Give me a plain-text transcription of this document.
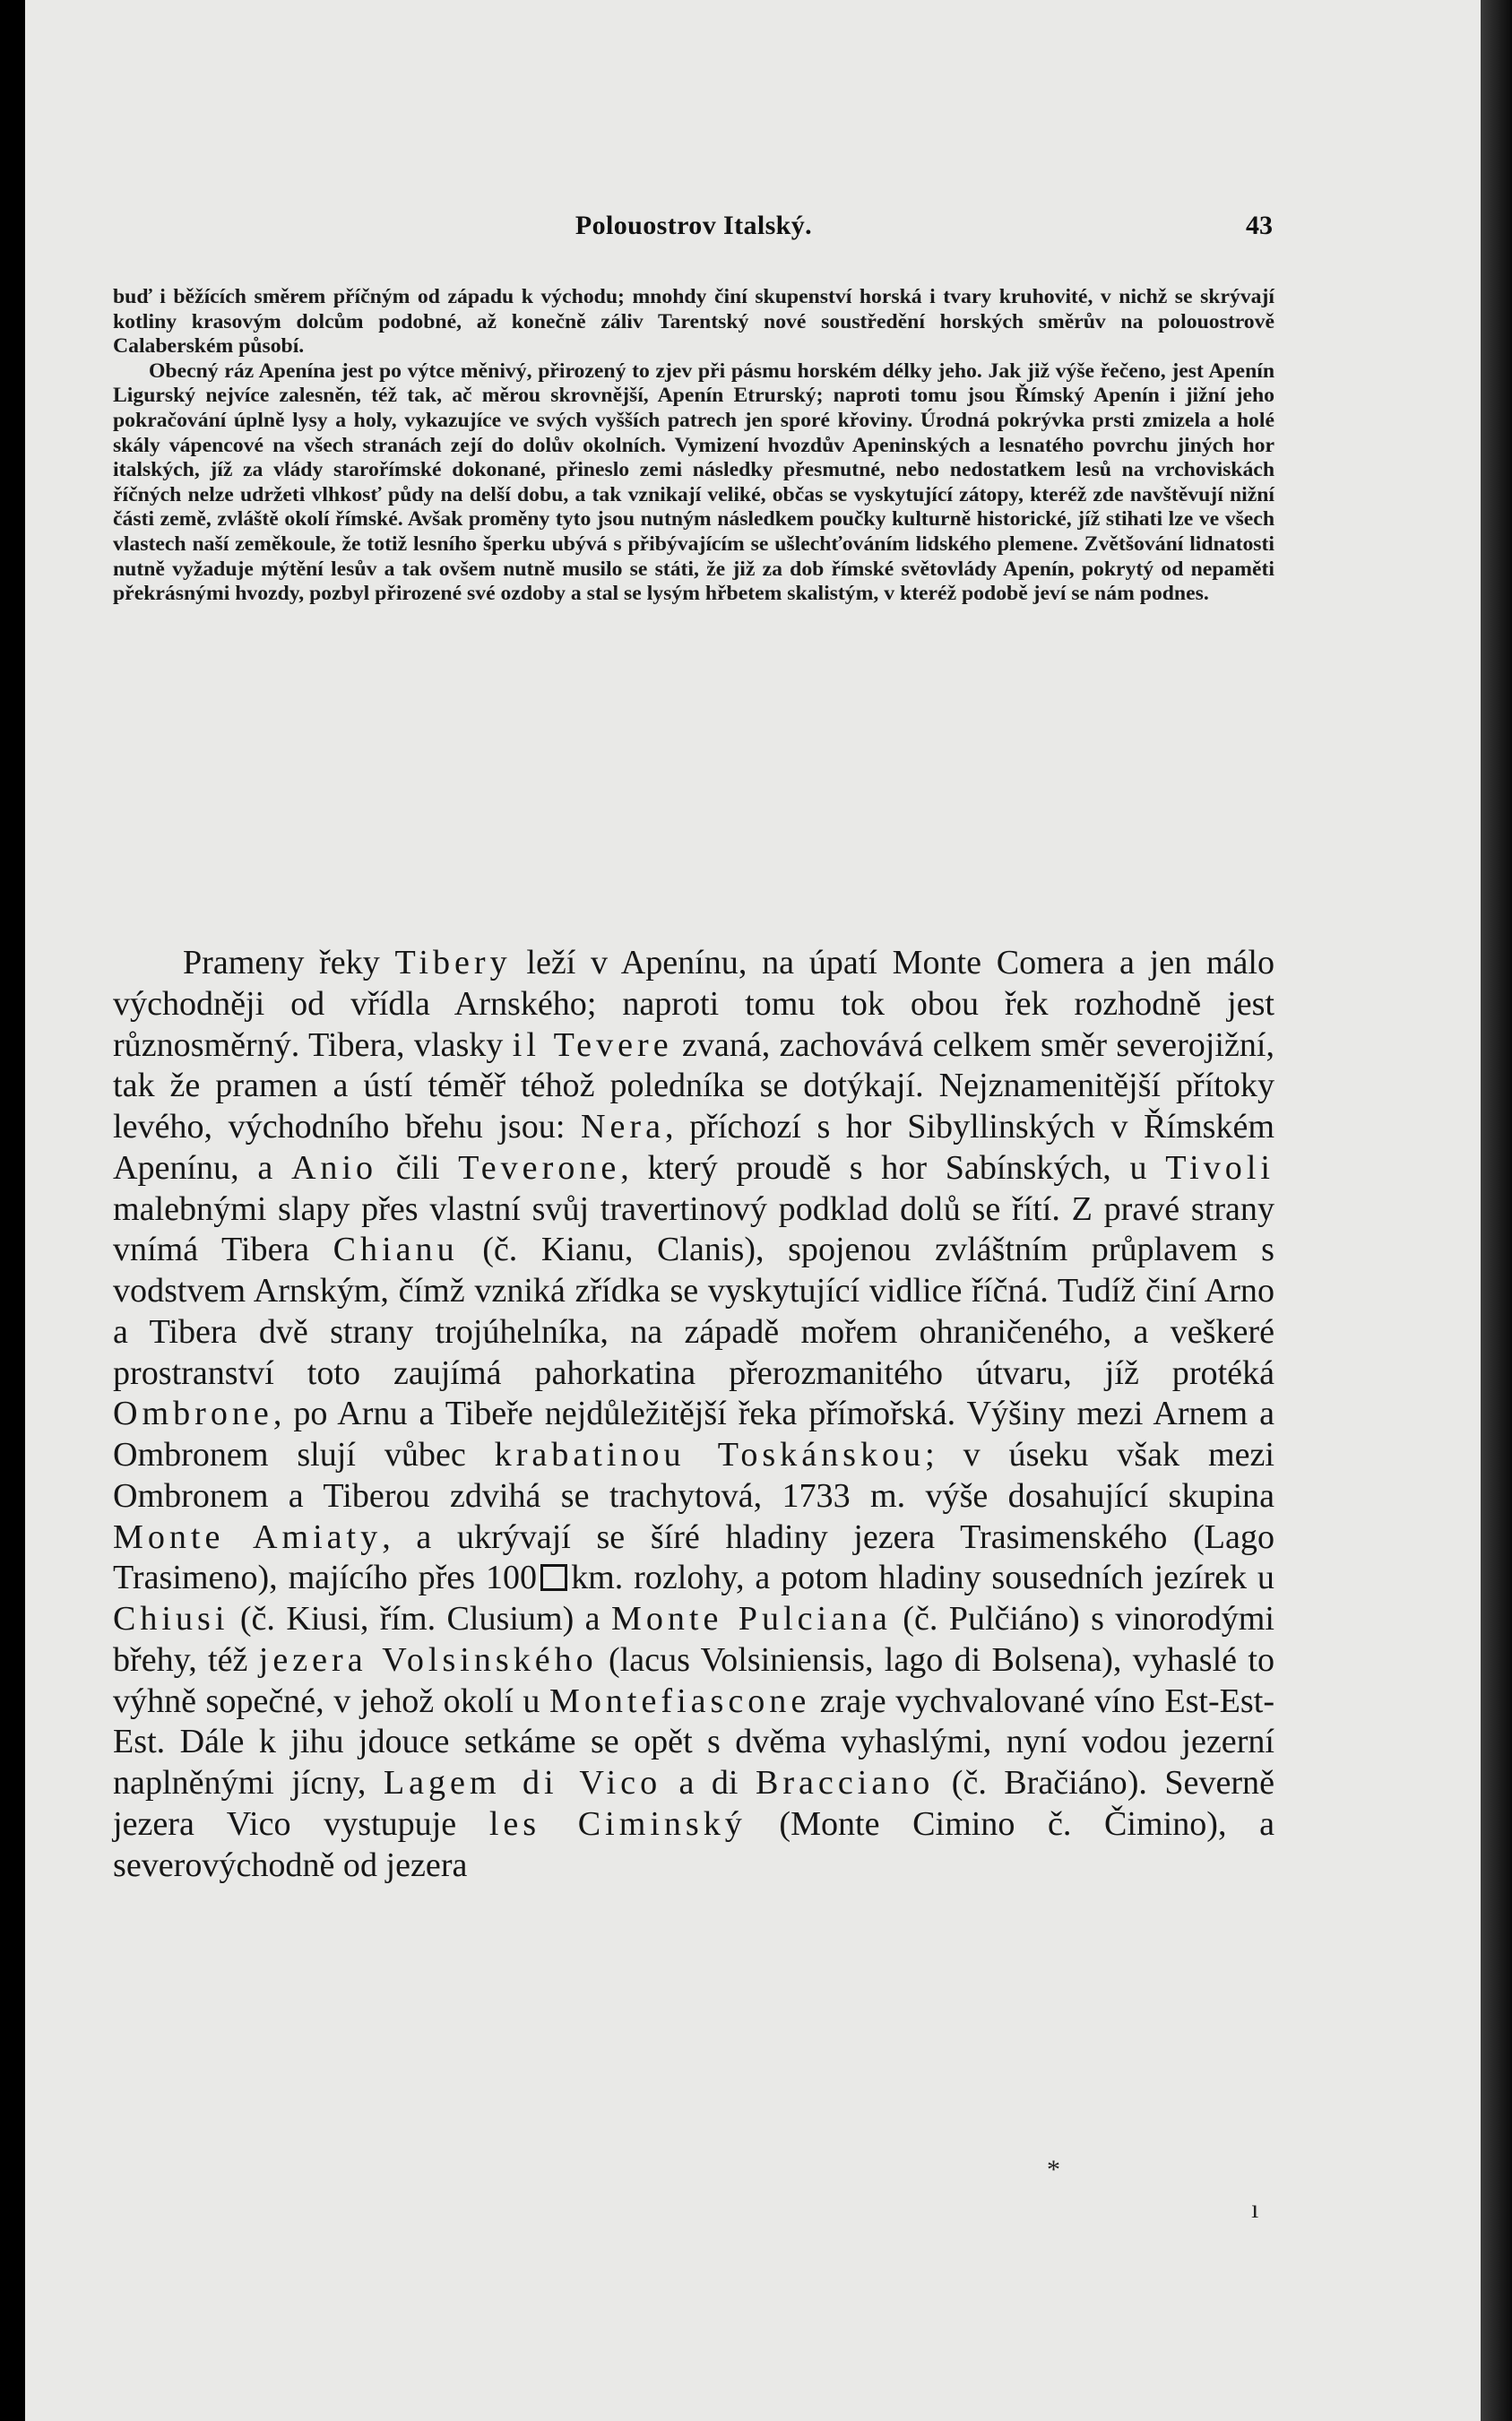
Polouostrov Italský.	43

buď i běžících směrem příčným od západu k východu; mnohdy činí skupenství horská i tvary kruhovité, v nichž se skrývají kotliny krasovým dolcům podobné, až konečně záliv Tarentský nové soustředění horských směrův na polouostrově Calaberském působí.

Obecný ráz Apenína jest po výtce měnivý, přirozený to zjev při pásmu horském délky jeho. Jak již výše řečeno, jest Apenín Ligurský nejvíce zalesněn, též tak, ač měrou skrovnější, Apenín Etrurský; naproti tomu jsou Římský Apenín i jižní jeho pokračování úplně lysy a holy, vykazujíce ve svých vyšších patrech jen sporé křoviny. Úrodná pokrývka prsti zmizela a holé skály vápencové na všech stranách zejí do dolův okolních. Vymizení hvozdův Apeninských a lesnatého povrchu jiných hor italských, jíž za vlády starořímské dokonané, přineslo zemi následky přesmutné, nebo nedostatkem lesů na vrchoviskách říčných nelze udržeti vlhkosť půdy na delší dobu, a tak vznikají veliké, občas se vyskytující zátopy, kteréž zde navštěvují nižní části země, zvláště okolí římské. Avšak proměny tyto jsou nutným následkem poučky kulturně historické, jíž stihati lze ve všech vlastech naší zeměkoule, že totiž lesního šperku ubývá s přibývajícím se ušlechťováním lidského plemene. Zvětšování lidnatosti nutně vyžaduje mýtění lesův a tak ovšem nutně musilo se státi, že již za dob římské světovlády Apenín, pokrytý od nepaměti překrásnými hvozdy, pozbyl přirozené své ozdoby a stal se lysým hřbetem skalistým, v kteréž podobě jeví se nám podnes.

Prameny řeky Tibery leží v Apenínu, na úpatí Monte Comera a jen málo východněji od vřídla Arnského; naproti tomu tok obou řek rozhodně jest různosměrný. Tibera, vlasky il Tevere zvaná, zachovává celkem směr severojižní, tak že pramen a ústí téměř téhož poledníka se dotýkají. Nejznamenitější přítoky levého, východního břehu jsou: Nera, příchozí s hor Sibyllinských v Římském Apenínu, a Anio čili Teverone, který proudě s hor Sabínských, u Tivoli malebnými slapy přes vlastní svůj travertinový podklad dolů se řítí. Z pravé strany vnímá Tibera Chianu (č. Kianu, Clanis), spojenou zvláštním průplavem s vodstvem Arnským, čímž vzniká zřídka se vyskytující vidlice říčná. Tudíž činí Arno a Tibera dvě strany trojúhelníka, na západě mořem ohraničeného, a veškeré prostranství toto zaujímá pahorkatina přerozmanitého útvaru, jíž protéká Ombrone, po Arnu a Tibeře nejdůležitější řeka přímořská. Výšiny mezi Arnem a Ombronem slují vůbec krabatinou Toskánskou; v úseku však mezi Ombronem a Tiberou zdvihá se trachytová, 1733 m. výše dosahující skupina Monte Amiaty, a ukrývají se šíré hladiny jezera Trasimenského (Lago Trasimeno), majícího přes 100 km. rozlohy, a potom hladiny sousedních jezírek u Chiusi (č. Kiusi, řím. Clusium) a Monte Pulciana (č. Pulčiáno) s vinorodými břehy, též jezera Volsinského (lacus Volsiniensis, lago di Bolsena), vyhaslé to výhně sopečné, v jehož okolí u Montefiascone zraje vychvalované víno Est-Est-Est. Dále k jihu jdouce setkáme se opět s dvěma vyhaslými, nyní vodou jezerní naplněnými jícny, Lagem di Vico a di Bracciano (č. Bračiáno). Severně jezera Vico vystupuje les Ciminský (Monte Cimino č. Čimino), a severovýchodně od jezera

*
ı
